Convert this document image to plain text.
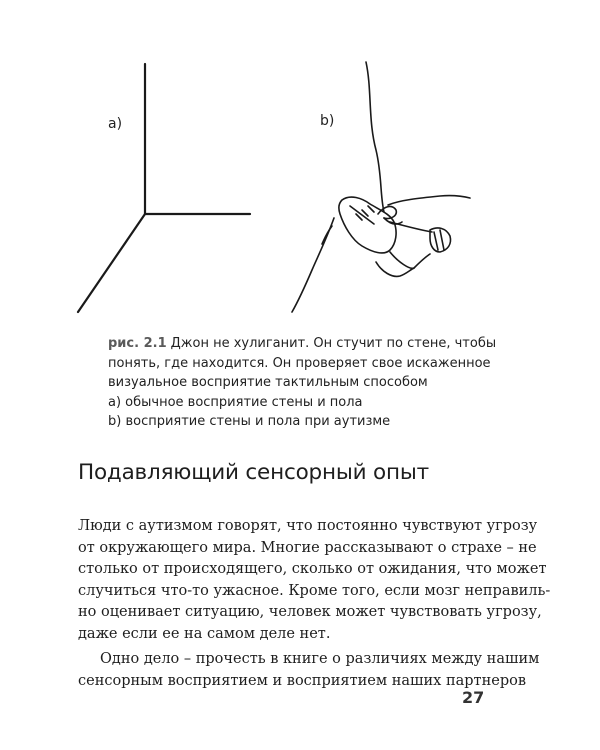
a)	b)
рис. 2.1 Джон не хулиганит. Он стучит по стене, чтобы
понять, где находится. Он проверяет свое искаженное
визуальное восприятие тактильным способом
a) обычное восприятие стены и пола
b) восприятие стены и пола при аутизме
Подавляющий сенсорный опыт
Люди с аутизмом говорят, что постоянно чувствуют угрозу
от окружающего мира. Многие рассказывают о страхе – не
столько от происходящего, сколько от ожидания, что может
случиться что-то ужасное. Кроме того, если мозг неправиль-
но оценивает ситуацию, человек может чувствовать угрозу,
даже если ее на самом деле нет.
Одно дело – прочесть в книге о различиях между нашим
сенсорным восприятием и восприятием наших партнеров
27
